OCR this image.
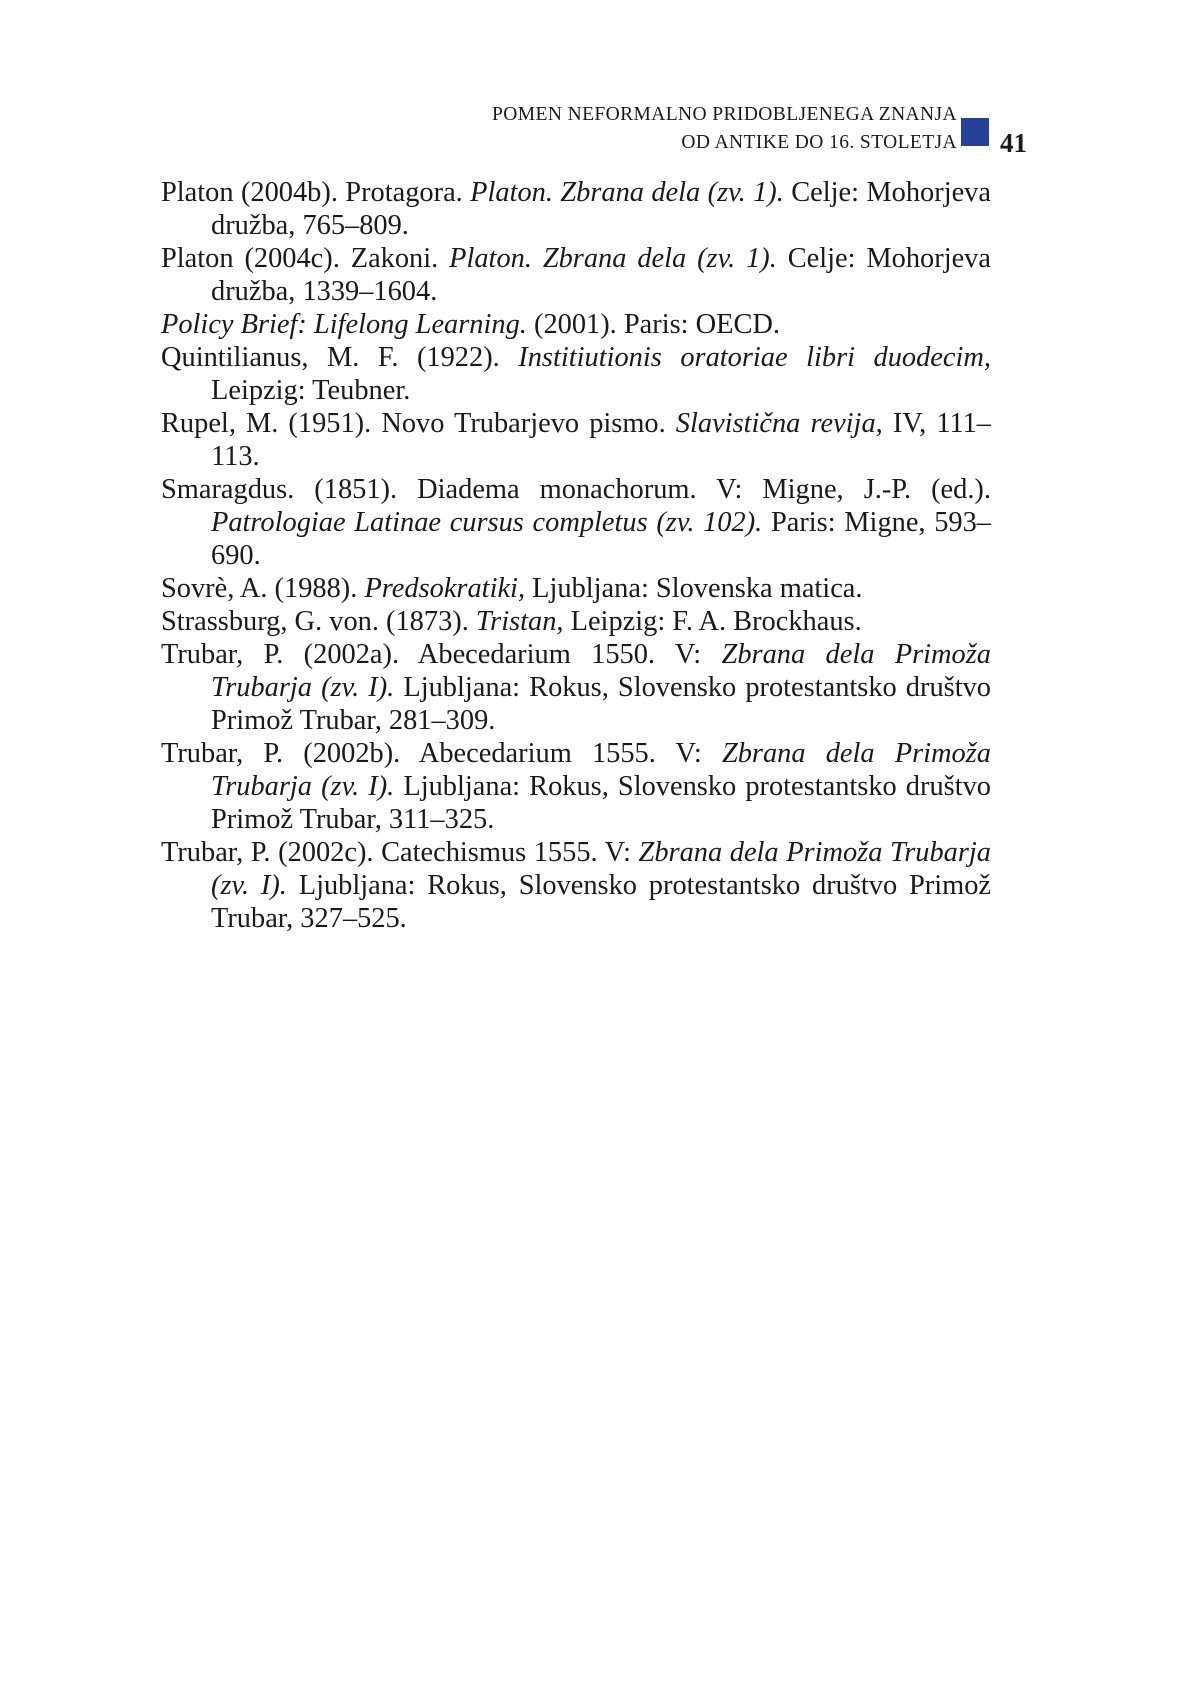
POMEN NEFORMALNO PRIDOBLJENEGA ZNANJA
OD ANTIKE DO 16. STOLETJA 41

Platon (2004b). Protagora. Platon. Zbrana dela (zv. 1). Celje: Mohorjeva družba, 765–809.

Platon (2004c). Zakoni. Platon. Zbrana dela (zv. 1). Celje: Mohorjeva družba, 1339–1604.

Policy Brief: Lifelong Learning. (2001). Paris: OECD.

Quintilianus, M. F. (1922). Institiutionis oratoriae libri duodecim, Leipzig: Teubner.

Rupel, M. (1951). Novo Trubarjevo pismo. Slavistična revija, IV, 111–113.

Smaragdus. (1851). Diadema monachorum. V: Migne, J.-P. (ed.). Patrologiae Latinae cursus completus (zv. 102). Paris: Migne, 593–690.

Sovrè, A. (1988). Predsokratiki, Ljubljana: Slovenska matica.

Strassburg, G. von. (1873). Tristan, Leipzig: F. A. Brockhaus.

Trubar, P. (2002a). Abecedarium 1550. V: Zbrana dela Primoža Trubarja (zv. I). Ljubljana: Rokus, Slovensko protestantsko društvo Primož Trubar, 281–309.

Trubar, P. (2002b). Abecedarium 1555. V: Zbrana dela Primoža Trubarja (zv. I). Ljubljana: Rokus, Slovensko protestantsko društvo Primož Trubar, 311–325.

Trubar, P. (2002c). Catechismus 1555. V: Zbrana dela Primoža Trubarja (zv. I). Ljubljana: Rokus, Slovensko protestantsko društvo Primož Trubar, 327–525.
